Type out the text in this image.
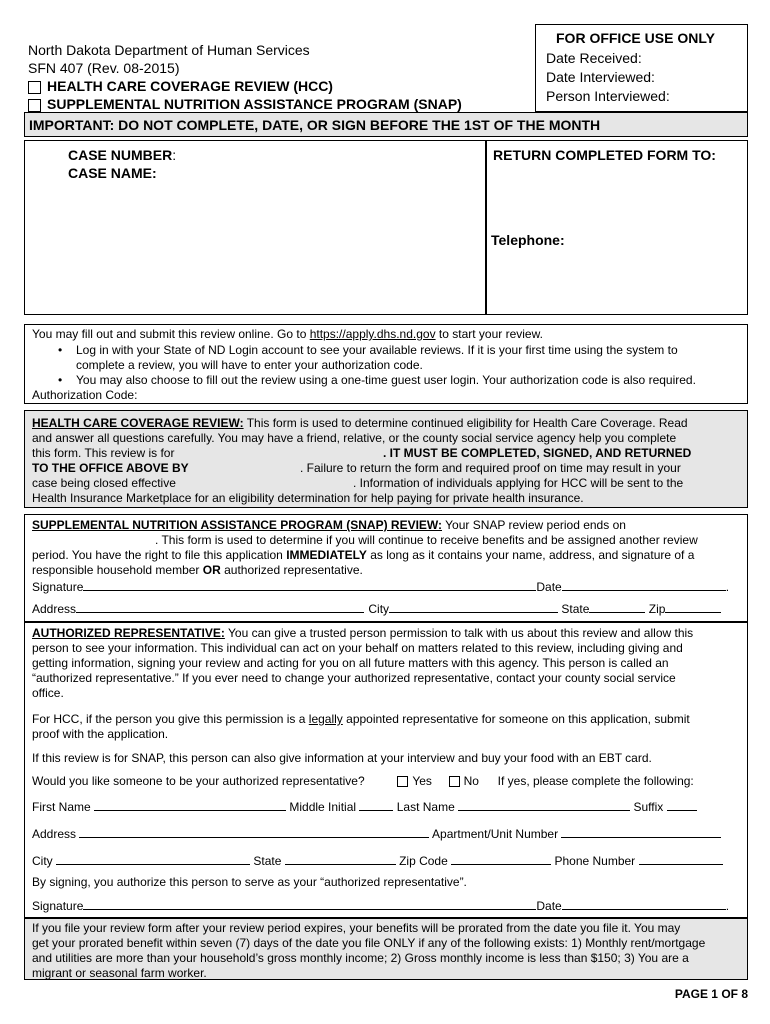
North Dakota Department of Human Services
SFN 407 (Rev. 08-2015)
HEALTH CARE COVERAGE REVIEW (HCC)
SUPPLEMENTAL NUTRITION ASSISTANCE PROGRAM (SNAP)
FOR OFFICE USE ONLY
Date Received:
Date Interviewed:
Person Interviewed:
IMPORTANT: DO NOT COMPLETE, DATE, OR SIGN BEFORE THE 1ST OF THE MONTH
CASE NUMBER:
CASE NAME:
RETURN COMPLETED FORM TO:
Telephone:
You may fill out and submit this review online. Go to https://apply.dhs.nd.gov to start your review.
• Log in with your State of ND Login account to see your available reviews. If it is your first time using the system to
complete a review, you will have to enter your authorization code.
• You may also choose to fill out the review using a one-time guest user login. Your authorization code is also required.
Authorization Code:
HEALTH CARE COVERAGE REVIEW: This form is used to determine continued eligibility for Health Care Coverage. Read
and answer all questions carefully. You may have a friend, relative, or the county social service agency help you complete
this form. This review is for	. IT MUST BE COMPLETED, SIGNED, AND RETURNED
TO THE OFFICE ABOVE BY	. Failure to return the form and required proof on time may result in your
case being closed effective	. Information of individuals applying for HCC will be sent to the
Health Insurance Marketplace for an eligibility determination for help paying for private health insurance.
SUPPLEMENTAL NUTRITION ASSISTANCE PROGRAM (SNAP) REVIEW: Your SNAP review period ends on
. This form is used to determine if you will continue to receive benefits and be assigned another review
period. You have the right to file this application IMMEDIATELY as long as it contains your name, address, and signature of a
responsible household member OR authorized representative.
Signature	Date	.
Address	City	State	Zip
AUTHORIZED REPRESENTATIVE: You can give a trusted person permission to talk with us about this review and allow this
person to see your information. This individual can act on your behalf on matters related to this review, including giving and
getting information, signing your review and acting for you on all future matters with this agency. This person is called an
“authorized representative.” If you ever need to change your authorized representative, contact your county social service
office.
For HCC, if the person you give this permission is a legally appointed representative for someone on this application, submit
proof with the application.
If this review is for SNAP, this person can also give information at your interview and buy your food with an EBT card.
Would you like someone to be your authorized representative?	Yes	No If yes, please complete the following:
First Name	Middle Initial	Last Name	Suffix
Address	Apartment/Unit Number
City	State	Zip Code	Phone Number
By signing, you authorize this person to serve as your “authorized representative”.
Signature	Date	.
If you file your review form after your review period expires, your benefits will be prorated from the date you file it. You may
get your prorated benefit within seven (7) days of the date you file ONLY if any of the following exists: 1) Monthly rent/mortgage
and utilities are more than your household’s gross monthly income; 2) Gross monthly income is less than $150; 3) You are a
migrant or seasonal farm worker.
PAGE 1 OF 8
